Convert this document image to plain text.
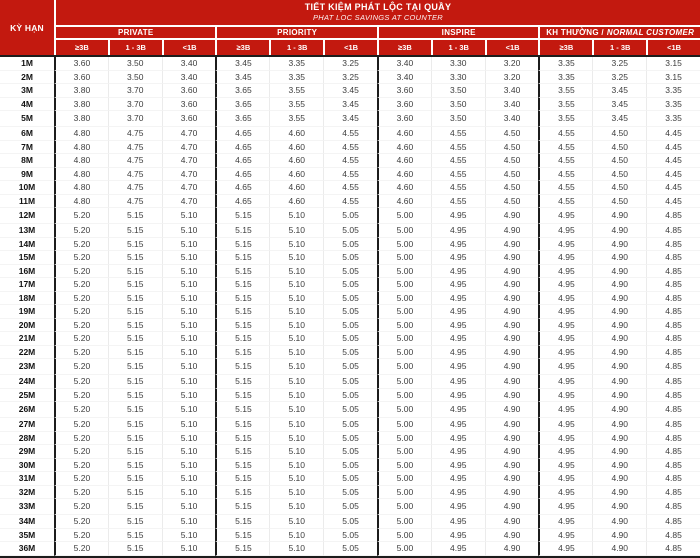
KỲ HẠN
TIẾT KIỆM PHÁT LỘC TẠI QUẦY
PHAT LOC SAVINGS AT COUNTER
PRIVATE
≥3B	1 - 3B	<1B
PRIORITY
≥3B	1 - 3B	<1B
INSPIRE
≥3B	1 - 3B	<1B
KH THƯỜNG / NORMAL CUSTOMER
≥3B	1 - 3B	<1B
1M	3.60	3.50	3.40	3.45	3.35	3.25	3.40	3.30	3.20	3.35	3.25	3.15
2M	3.60	3.50	3.40	3.45	3.35	3.25	3.40	3.30	3.20	3.35	3.25	3.15
3M	3.80	3.70	3.60	3.65	3.55	3.45	3.60	3.50	3.40	3.55	3.45	3.35
4M	3.80	3.70	3.60	3.65	3.55	3.45	3.60	3.50	3.40	3.55	3.45	3.35
5M	3.80	3.70	3.60	3.65	3.55	3.45	3.60	3.50	3.40	3.55	3.45	3.35
6M	4.80	4.75	4.70	4.65	4.60	4.55	4.60	4.55	4.50	4.55	4.50	4.45
7M	4.80	4.75	4.70	4.65	4.60	4.55	4.60	4.55	4.50	4.55	4.50	4.45
8M	4.80	4.75	4.70	4.65	4.60	4.55	4.60	4.55	4.50	4.55	4.50	4.45
9M	4.80	4.75	4.70	4.65	4.60	4.55	4.60	4.55	4.50	4.55	4.50	4.45
10M	4.80	4.75	4.70	4.65	4.60	4.55	4.60	4.55	4.50	4.55	4.50	4.45
11M	4.80	4.75	4.70	4.65	4.60	4.55	4.60	4.55	4.50	4.55	4.50	4.45
12M	5.20	5.15	5.10	5.15	5.10	5.05	5.00	4.95	4.90	4.95	4.90	4.85
13M	5.20	5.15	5.10	5.15	5.10	5.05	5.00	4.95	4.90	4.95	4.90	4.85
14M	5.20	5.15	5.10	5.15	5.10	5.05	5.00	4.95	4.90	4.95	4.90	4.85
15M	5.20	5.15	5.10	5.15	5.10	5.05	5.00	4.95	4.90	4.95	4.90	4.85
16M	5.20	5.15	5.10	5.15	5.10	5.05	5.00	4.95	4.90	4.95	4.90	4.85
17M	5.20	5.15	5.10	5.15	5.10	5.05	5.00	4.95	4.90	4.95	4.90	4.85
18M	5.20	5.15	5.10	5.15	5.10	5.05	5.00	4.95	4.90	4.95	4.90	4.85
19M	5.20	5.15	5.10	5.15	5.10	5.05	5.00	4.95	4.90	4.95	4.90	4.85
20M	5.20	5.15	5.10	5.15	5.10	5.05	5.00	4.95	4.90	4.95	4.90	4.85
21M	5.20	5.15	5.10	5.15	5.10	5.05	5.00	4.95	4.90	4.95	4.90	4.85
22M	5.20	5.15	5.10	5.15	5.10	5.05	5.00	4.95	4.90	4.95	4.90	4.85
23M	5.20	5.15	5.10	5.15	5.10	5.05	5.00	4.95	4.90	4.95	4.90	4.85
24M	5.20	5.15	5.10	5.15	5.10	5.05	5.00	4.95	4.90	4.95	4.90	4.85
25M	5.20	5.15	5.10	5.15	5.10	5.05	5.00	4.95	4.90	4.95	4.90	4.85
26M	5.20	5.15	5.10	5.15	5.10	5.05	5.00	4.95	4.90	4.95	4.90	4.85
27M	5.20	5.15	5.10	5.15	5.10	5.05	5.00	4.95	4.90	4.95	4.90	4.85
28M	5.20	5.15	5.10	5.15	5.10	5.05	5.00	4.95	4.90	4.95	4.90	4.85
29M	5.20	5.15	5.10	5.15	5.10	5.05	5.00	4.95	4.90	4.95	4.90	4.85
30M	5.20	5.15	5.10	5.15	5.10	5.05	5.00	4.95	4.90	4.95	4.90	4.85
31M	5.20	5.15	5.10	5.15	5.10	5.05	5.00	4.95	4.90	4.95	4.90	4.85
32M	5.20	5.15	5.10	5.15	5.10	5.05	5.00	4.95	4.90	4.95	4.90	4.85
33M	5.20	5.15	5.10	5.15	5.10	5.05	5.00	4.95	4.90	4.95	4.90	4.85
34M	5.20	5.15	5.10	5.15	5.10	5.05	5.00	4.95	4.90	4.95	4.90	4.85
35M	5.20	5.15	5.10	5.15	5.10	5.05	5.00	4.95	4.90	4.95	4.90	4.85
36M	5.20	5.15	5.10	5.15	5.10	5.05	5.00	4.95	4.90	4.95	4.90	4.85
